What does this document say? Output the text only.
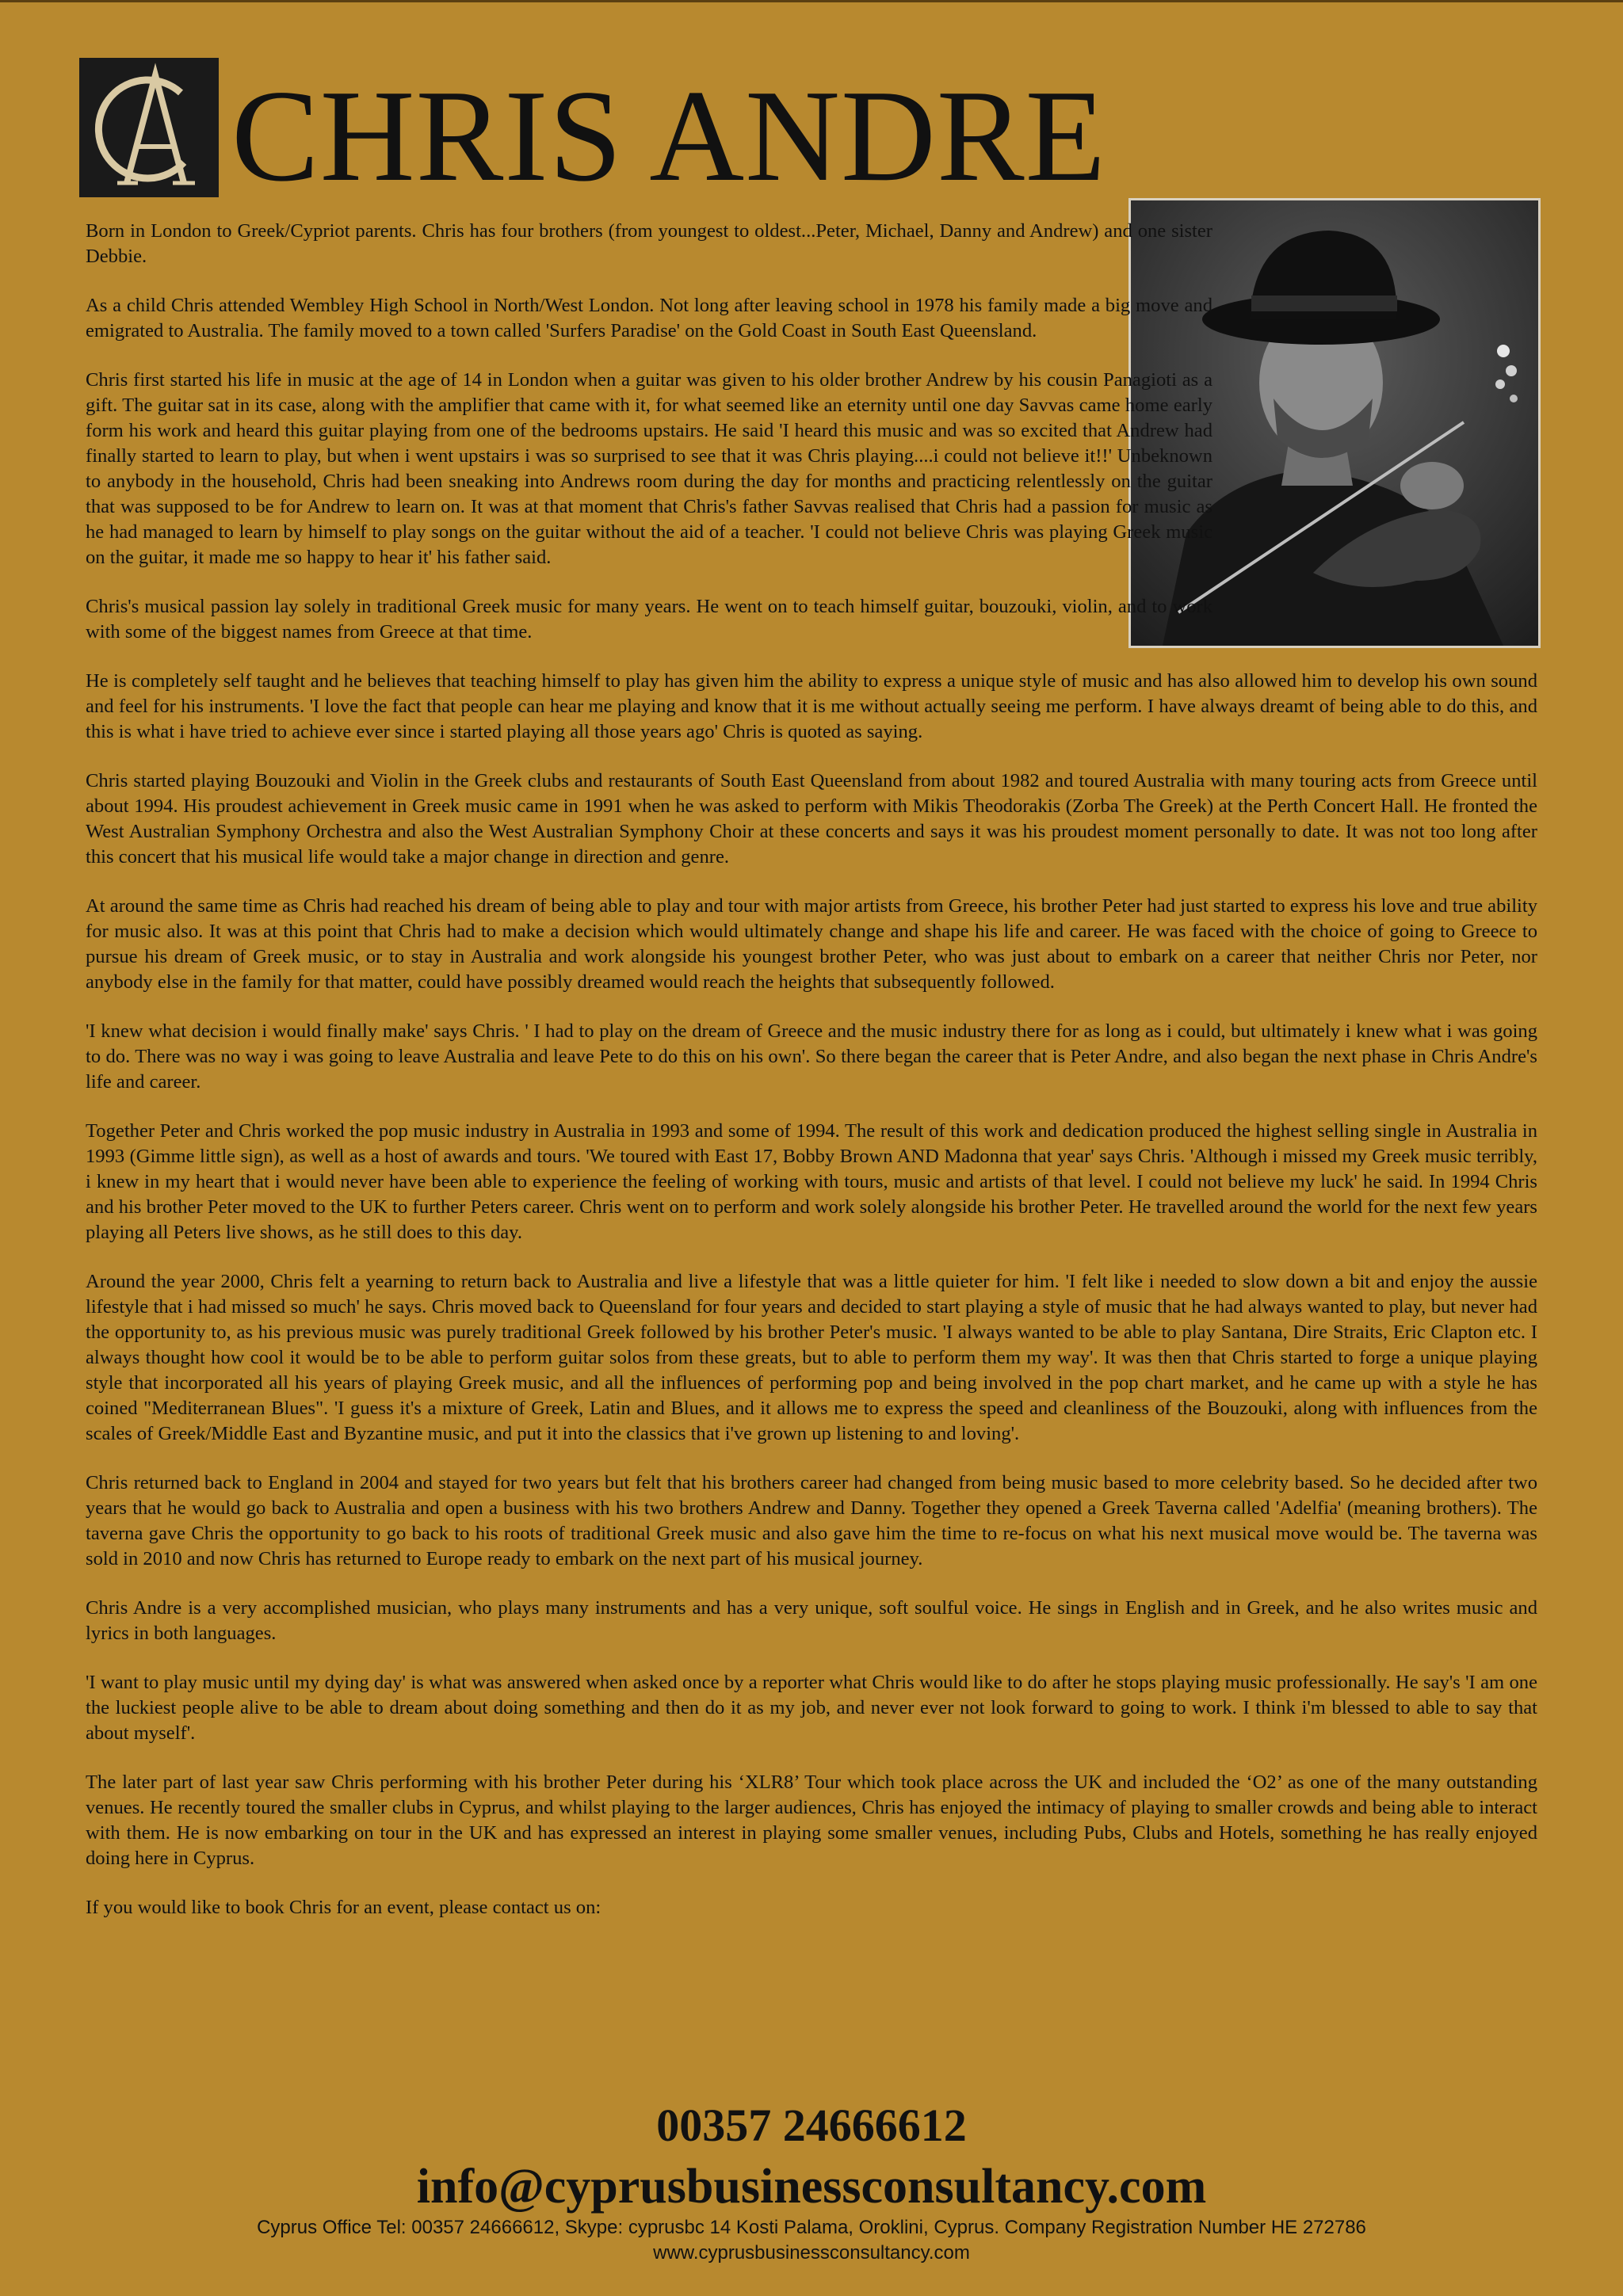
CHRIS ANDRE

Born in London to Greek/Cypriot parents. Chris has four brothers (from youngest to oldest...Peter, Michael, Danny and Andrew) and one sister Debbie.

As a child Chris attended Wembley High School in North/West London. Not long after leaving school in 1978 his family made a big move and emigrated to Australia. The family moved to a town called 'Surfers Paradise' on the Gold Coast in South East Queensland.

Chris first started his life in music at the age of 14 in London when a guitar was given to his older brother Andrew by his cousin Panagioti as a gift. The guitar sat in its case, along with the amplifier that came with it, for what seemed like an eternity until one day Savvas came home early form his work and heard this guitar playing from one of the bedrooms upstairs. He said 'I heard this music and was so excited that Andrew had finally started to learn to play, but when i went upstairs i was so surprised to see that it was Chris playing....i could not believe it!!' Unbeknown to anybody in the household, Chris had been sneaking into Andrews room during the day for months and practicing relentlessly on the guitar that was supposed to be for Andrew to learn on. It was at that moment that Chris's father Savvas realised that Chris had a passion for music as he had managed to learn by himself to play songs on the guitar without the aid of a teacher. 'I could not believe Chris was playing Greek music on the guitar, it made me so happy to hear it' his father said.

Chris's musical passion lay solely in traditional Greek music for many years. He went on to teach himself guitar, bouzouki, violin, and to work with some of the biggest names from Greece at that time.

He is completely self taught and he believes that teaching himself to play has given him the ability to express a unique style of music and has also allowed him to develop his own sound and feel for his instruments. 'I love the fact that people can hear me playing and know that it is me without actually seeing me perform. I have always dreamt of being able to do this, and this is what i have tried to achieve ever since i started playing all those years ago' Chris is quoted as saying.

Chris started playing Bouzouki and Violin in the Greek clubs and restaurants of South East Queensland from about 1982 and toured Australia with many touring acts from Greece until about 1994. His proudest achievement in Greek music came in 1991 when he was asked to perform with Mikis Theodorakis (Zorba The Greek) at the Perth Concert Hall. He fronted the West Australian Symphony Orchestra and also the West Australian Symphony Choir at these concerts and says it was his proudest moment personally to date. It was not too long after this concert that his musical life would take a major change in direction and genre.

At around the same time as Chris had reached his dream of being able to play and tour with major artists from Greece, his brother Peter had just started to express his love and true ability for music also. It was at this point that Chris had to make a decision which would ultimately change and shape his life and career. He was faced with the choice of going to Greece to pursue his dream of Greek music, or to stay in Australia and work alongside his youngest brother Peter, who was just about to embark on a career that neither Chris nor Peter, nor anybody else in the family for that matter, could have possibly dreamed would reach the heights that subsequently followed.

'I knew what decision i would finally make' says Chris. ' I had to play on the dream of Greece and the music industry there for as long as i could, but ultimately i knew what i was going to do. There was no way i was going to leave Australia and leave Pete to do this on his own'. So there began the career that is Peter Andre, and also began the next phase in Chris Andre's life and career.

Together Peter and Chris worked the pop music industry in Australia in 1993 and some of 1994. The result of this work and dedication produced the highest selling single in Australia in 1993 (Gimme little sign), as well as a host of awards and tours. 'We toured with East 17, Bobby Brown AND Madonna that year' says Chris. 'Although i missed my Greek music terribly, i knew in my heart that i would never have been able to experience the feeling of working with tours, music and artists of that level. I could not believe my luck' he said. In 1994 Chris and his brother Peter moved to the UK to further Peters career. Chris went on to perform and work solely alongside his brother Peter. He travelled around the world for the next few years playing all Peters live shows, as he still does to this day.

Around the year 2000, Chris felt a yearning to return back to Australia and live a lifestyle that was a little quieter for him. 'I felt like i needed to slow down a bit and enjoy the aussie lifestyle that i had missed so much' he says. Chris moved back to Queensland for four years and decided to start playing a style of music that he had always wanted to play, but never had the opportunity to, as his previous music was purely traditional Greek followed by his brother Peter's music. 'I always wanted to be able to play Santana, Dire Straits, Eric Clapton etc. I always thought how cool it would be to be able to perform guitar solos from these greats, but to able to perform them my way'. It was then that Chris started to forge a unique playing style that incorporated all his years of playing Greek music, and all the influences of performing pop and being involved in the pop chart market, and he came up with a style he has coined "Mediterranean Blues". 'I guess it's a mixture of Greek, Latin and Blues, and it allows me to express the speed and cleanliness of the Bouzouki, along with influences from the scales of Greek/Middle East and Byzantine music, and put it into the classics that i've grown up listening to and loving'.

Chris returned back to England in 2004 and stayed for two years but felt that his brothers career had changed from being music based to more celebrity based. So he decided after two years that he would go back to Australia and open a business with his two brothers Andrew and Danny. Together they opened a Greek Taverna called 'Adelfia' (meaning brothers). The taverna gave Chris the opportunity to go back to his roots of traditional Greek music and also gave him the time to re-focus on what his next musical move would be. The taverna was sold in 2010 and now Chris has returned to Europe ready to embark on the next part of his musical journey.

Chris Andre is a very accomplished musician, who plays many instruments and has a very unique, soft soulful voice. He sings in English and in Greek, and he also writes music and lyrics in both languages.

'I want to play music until my dying day' is what was answered when asked once by a reporter what Chris would like to do after he stops playing music professionally. He say's 'I am one the luckiest people alive to be able to dream about doing something and then do it as my job, and never ever not look forward to going to work. I think i'm blessed to able to say that about myself'.

The later part of last year saw Chris performing with his brother Peter during his ‘XLR8’ Tour which took place across the UK and included the ‘O2’ as one of the many outstanding venues. He recently toured the smaller clubs in Cyprus, and whilst playing to the larger audiences, Chris has enjoyed the intimacy of playing to smaller crowds and being able to interact with them. He is now embarking on tour in the UK and has expressed an interest in playing some smaller venues, including Pubs, Clubs and Hotels, something he has really enjoyed doing here in Cyprus.

If you would like to book Chris for an event, please contact us on:

00357 24666612
info@cyprusbusinessconsultancy.com
Cyprus Office Tel: 00357 24666612, Skype: cyprusbc 14 Kosti Palama, Oroklini, Cyprus. Company Registration Number HE 272786
www.cyprusbusinessconsultancy.com
